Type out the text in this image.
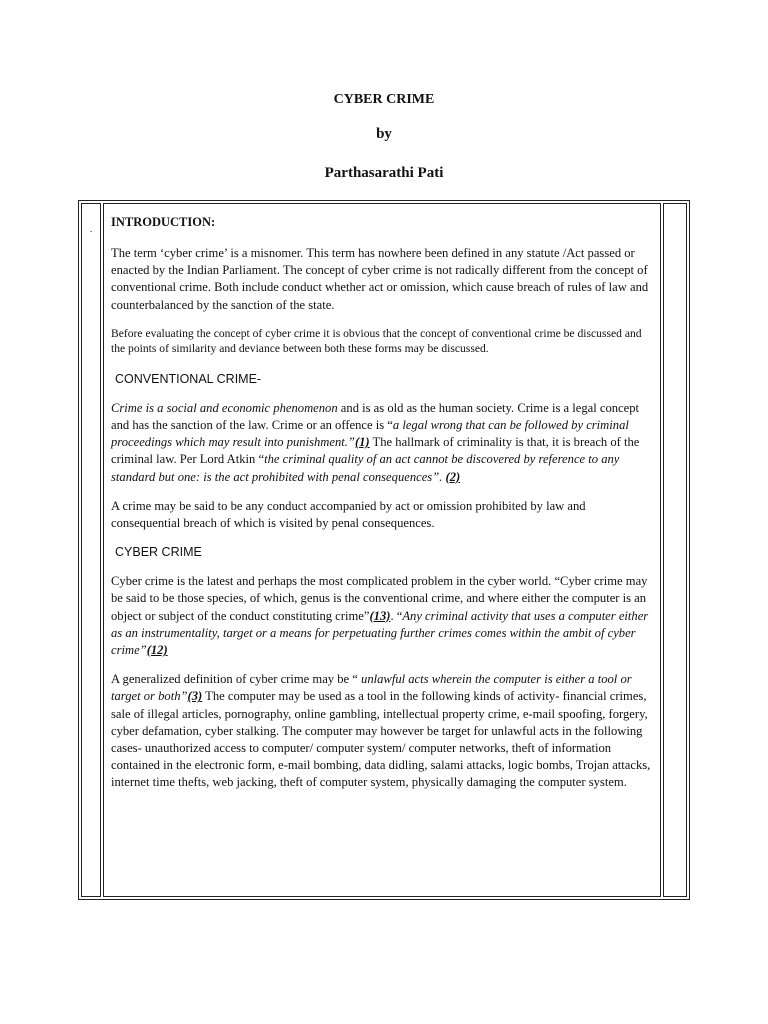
CYBER CRIME
by
Parthasarathi Pati
. INTRODUCTION:

The term ‘cyber crime’ is a misnomer. This term has nowhere been defined in any statute /Act passed or enacted by the Indian Parliament. The concept of cyber crime is not radically different from the concept of conventional crime. Both include conduct whether act or omission, which cause breach of rules of law and counterbalanced by the sanction of the state.

Before evaluating the concept of cyber crime it is obvious that the concept of conventional crime be discussed and the points of similarity and deviance between both these forms may be discussed.

CONVENTIONAL CRIME-

Crime is a social and economic phenomenon and is as old as the human society. Crime is a legal concept and has the sanction of the law. Crime or an offence is “a legal wrong that can be followed by criminal proceedings which may result into punishment.”(1) The hallmark of criminality is that, it is breach of the criminal law. Per Lord Atkin “the criminal quality of an act cannot be discovered by reference to any standard but one: is the act prohibited with penal consequences”. (2)

A crime may be said to be any conduct accompanied by act or omission prohibited by law and consequential breach of which is visited by penal consequences.

CYBER CRIME

Cyber crime is the latest and perhaps the most complicated problem in the cyber world. “Cyber crime may be said to be those species, of which, genus is the conventional crime, and where either the computer is an object or subject of the conduct constituting crime”(13). “Any criminal activity that uses a computer either as an instrumentality, target or a means for perpetuating further crimes comes within the ambit of cyber crime”(12)

A generalized definition of cyber crime may be “ unlawful acts wherein the computer is either a tool or target or both”(3) The computer may be used as a tool in the following kinds of activity- financial crimes, sale of illegal articles, pornography, online gambling, intellectual property crime, e-mail spoofing, forgery, cyber defamation, cyber stalking. The computer may however be target for unlawful acts in the following cases- unauthorized access to computer/ computer system/ computer networks, theft of information contained in the electronic form, e-mail bombing, data didling, salami attacks, logic bombs, Trojan attacks, internet time thefts, web jacking, theft of computer system, physically damaging the computer system.
